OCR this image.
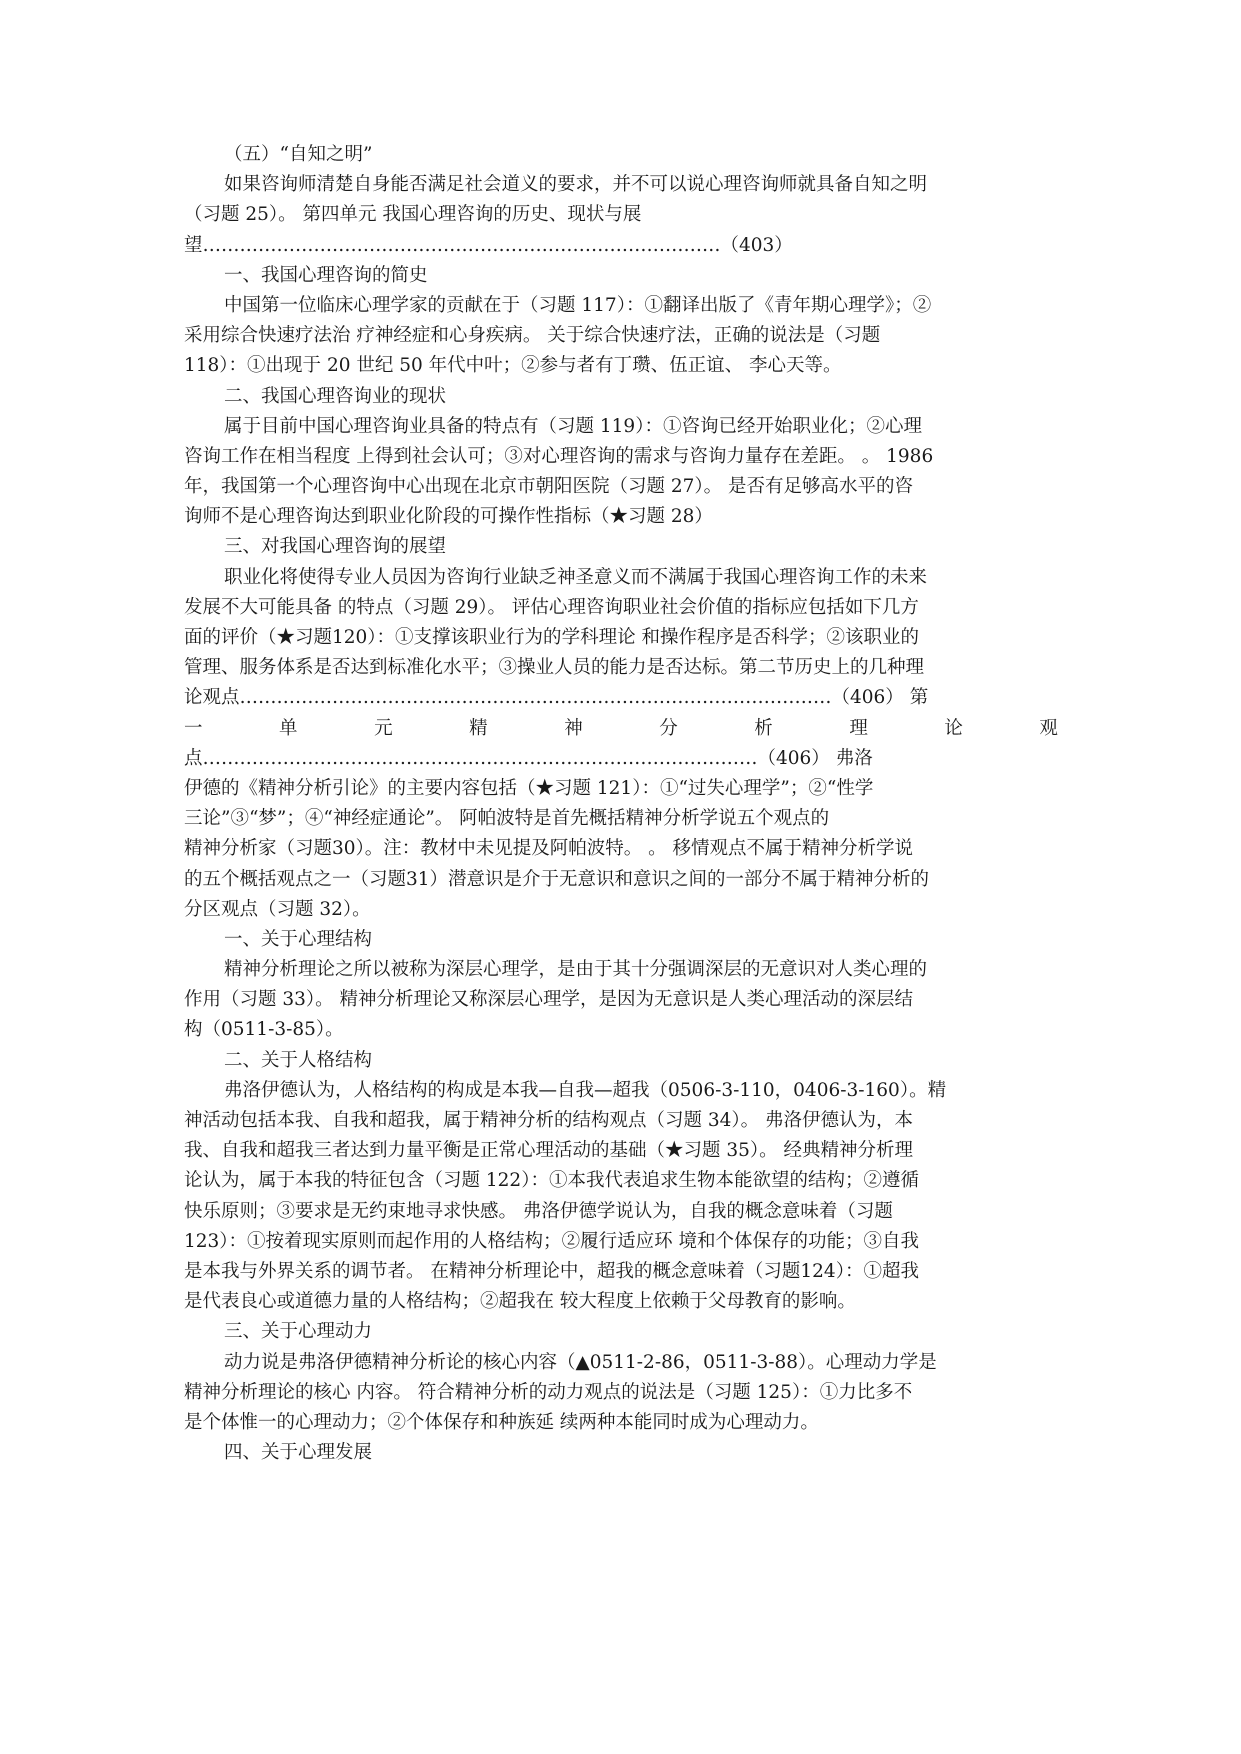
（五）“自知之明”
如果咨询师清楚自身能否满足社会道义的要求，并不可以说心理咨询师就具备自知之明
（习题 25）。 第四单元 我国心理咨询的历史、现状与展
望…………………………………………………………………………（403）
一、我国心理咨询的简史
中国第一位临床心理学家的贡献在于（习题 117）：①翻译出版了《青年期心理学》；②
采用综合快速疗法治 疗神经症和心身疾病。 关于综合快速疗法，正确的说法是（习题
118）：①出现于 20 世纪 50 年代中叶；②参与者有丁瓒、伍正谊、 李心天等。
二、我国心理咨询业的现状
属于目前中国心理咨询业具备的特点有（习题 119）：①咨询已经开始职业化；②心理
咨询工作在相当程度 上得到社会认可；③对心理咨询的需求与咨询力量存在差距。 。 1986
年，我国第一个心理咨询中心出现在北京市朝阳医院（习题 27）。 是否有足够高水平的咨
询师不是心理咨询达到职业化阶段的可操作性指标（★习题 28）
三、对我国心理咨询的展望
职业化将使得专业人员因为咨询行业缺乏神圣意义而不满属于我国心理咨询工作的未来
发展不大可能具备 的特点（习题 29）。 评估心理咨询职业社会价值的指标应包括如下几方
面的评价（★习题120）：①支撑该职业行为的学科理论 和操作程序是否科学；②该职业的
管理、服务体系是否达到标准化水平；③操业人员的能力是否达标。第二节历史上的几种理
论观点……………………………………………………………………………………（406） 第
一	单	元	精	神	分	析	理	论	观
点………………………………………………………………………………（406） 弗洛
伊德的《精神分析引论》的主要内容包括（★习题 121）：①“过失心理学”；②“性学
三论”③“梦”；④“神经症通论”。 阿帕波特是首先概括精神分析学说五个观点的
精神分析家（习题30）。注：教材中未见提及阿帕波特。 。 移情观点不属于精神分析学说
的五个概括观点之一（习题31）潜意识是介于无意识和意识之间的一部分不属于精神分析的
分区观点（习题 32）。
一、关于心理结构
精神分析理论之所以被称为深层心理学，是由于其十分强调深层的无意识对人类心理的
作用（习题 33）。 精神分析理论又称深层心理学，是因为无意识是人类心理活动的深层结
构（0511-3-85）。
二、关于人格结构
弗洛伊德认为，人格结构的构成是本我—自我—超我（0506-3-110，0406-3-160）。精
神活动包括本我、自我和超我，属于精神分析的结构观点（习题 34）。 弗洛伊德认为，本
我、自我和超我三者达到力量平衡是正常心理活动的基础（★习题 35）。 经典精神分析理
论认为，属于本我的特征包含（习题 122）：①本我代表追求生物本能欲望的结构；②遵循
快乐原则；③要求是无约束地寻求快感。 弗洛伊德学说认为，自我的概念意味着（习题
123）：①按着现实原则而起作用的人格结构；②履行适应环 境和个体保存的功能；③自我
是本我与外界关系的调节者。 在精神分析理论中，超我的概念意味着（习题124）：①超我
是代表良心或道德力量的人格结构；②超我在 较大程度上依赖于父母教育的影响。
三、关于心理动力
动力说是弗洛伊德精神分析论的核心内容（▲0511-2-86，0511-3-88）。心理动力学是
精神分析理论的核心 内容。 符合精神分析的动力观点的说法是（习题 125）：①力比多不
是个体惟一的心理动力；②个体保存和种族延 续两种本能同时成为心理动力。
四、关于心理发展
